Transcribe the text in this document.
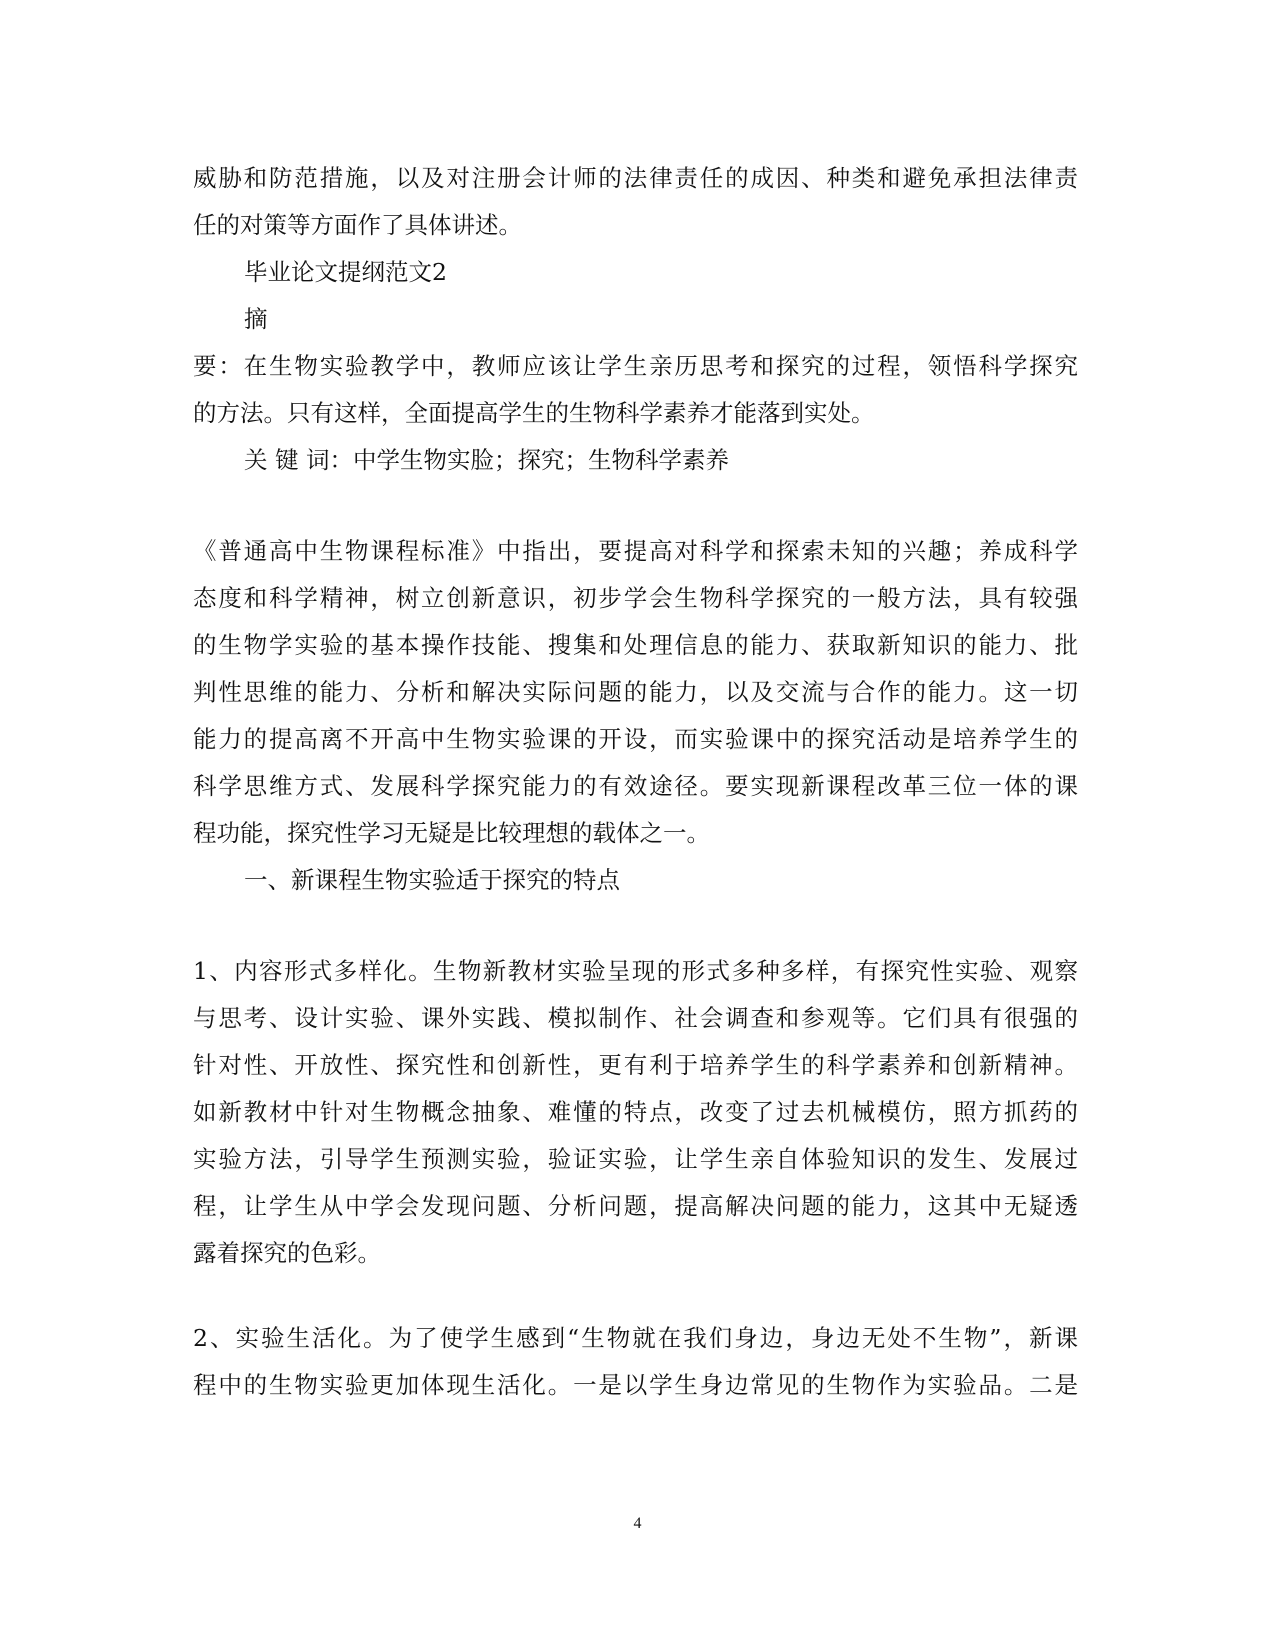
威胁和防范措施，以及对注册会计师的法律责任的成因、种类和避免承担法律责
任的对策等方面作了具体讲述。
毕业论文提纲范文2
摘
要：在生物实验教学中，教师应该让学生亲历思考和探究的过程，领悟科学探究
的方法。只有这样，全面提高学生的生物科学素养才能落到实处。
关 键 词：中学生物实脸；探究；生物科学素养
《普通高中生物课程标准》中指出，要提高对科学和探索未知的兴趣；养成科学
态度和科学精神，树立创新意识，初步学会生物科学探究的一般方法，具有较强
的生物学实验的基本操作技能、搜集和处理信息的能力、获取新知识的能力、批
判性思维的能力、分析和解决实际问题的能力，以及交流与合作的能力。这一切
能力的提高离不开高中生物实验课的开设，而实验课中的探究活动是培养学生的
科学思维方式、发展科学探究能力的有效途径。要实现新课程改革三位一体的课
程功能，探究性学习无疑是比较理想的载体之一。
一、新课程生物实验适于探究的特点
1、内容形式多样化。生物新教材实验呈现的形式多种多样，有探究性实验、观察
与思考、设计实验、课外实践、模拟制作、社会调查和参观等。它们具有很强的
针对性、开放性、探究性和创新性，更有利于培养学生的科学素养和创新精神。
如新教材中针对生物概念抽象、难懂的特点，改变了过去机械模仿，照方抓药的
实验方法，引导学生预测实验，验证实验，让学生亲自体验知识的发生、发展过
程，让学生从中学会发现问题、分析问题，提高解决问题的能力，这其中无疑透
露着探究的色彩。
2、实验生活化。为了使学生感到“生物就在我们身边，身边无处不生物”，新课
程中的生物实验更加体现生活化。一是以学生身边常见的生物作为实验品。二是
4
